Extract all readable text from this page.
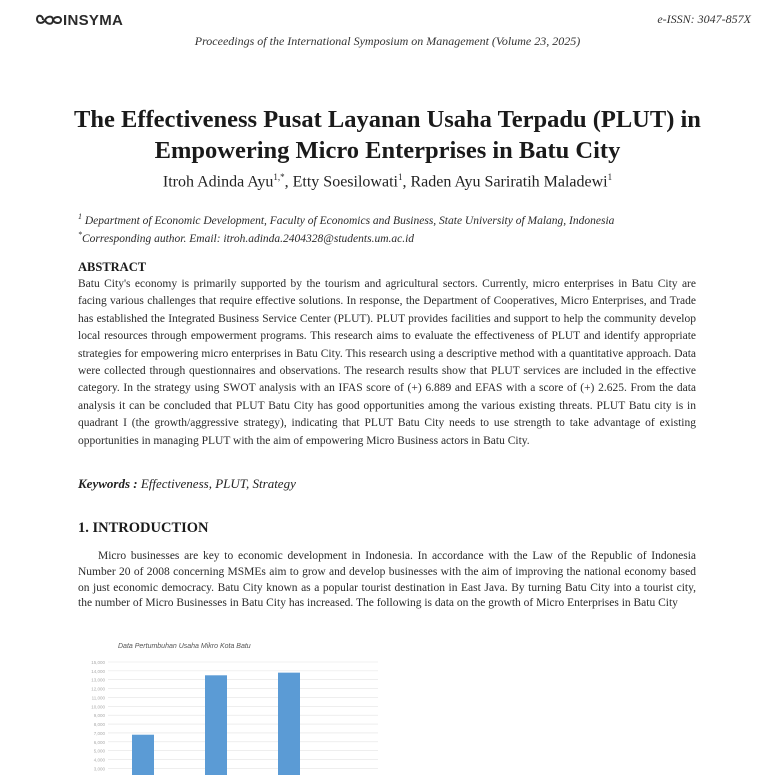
INSYMA	e-ISSN: 3047-857X
Proceedings of the International Symposium on Management (Volume 23, 2025)
The Effectiveness Pusat Layanan Usaha Terpadu (PLUT) in Empowering Micro Enterprises in Batu City
Itroh Adinda Ayu$^{1,*}$, Etty Soesilowati$^1$, Raden Ayu Sariratih Maladewi$^1$
$^1$ Department of Economic Development, Faculty of Economics and Business, State University of Malang, Indonesia
*Corresponding author. Email: itroh.adinda.2404328@students.um.ac.id
ABSTRACT

Batu City's economy is primarily supported by the tourism and agricultural sectors. Currently, micro enterprises in Batu City are facing various challenges that require effective solutions. In response, the Department of Cooperatives, Micro Enterprises, and Trade has established the Integrated Business Service Center (PLUT). PLUT provides facilities and support to help the community develop local resources through empowerment programs. This research aims to evaluate the effectiveness of PLUT and identify appropriate strategies for empowering micro enterprises in Batu City. This research using a descriptive method with a quantitative approach. Data were collected through questionnaires and observations. The research results show that PLUT services are included in the effective category. In the strategy using SWOT analysis with an IFAS score of (+) 6.889 and EFAS with a score of (+) 2.625. From the data analysis it can be concluded that PLUT Batu City has good opportunities among the various existing threats. PLUT Batu city is in quadrant I (the growth/aggressive strategy), indicating that PLUT Batu City needs to use strength to take advantage of existing opportunities in managing PLUT with the aim of empowering Micro Business actors in Batu City.

Keywords : Effectiveness, PLUT, Strategy
1. INTRODUCTION

Micro businesses are key to economic development in Indonesia. In accordance with the Law of the Republic of Indonesia Number 20 of 2008 concerning MSMEs aim to grow and develop businesses with the aim of improving the national economy based on just economic democracy. Batu City known as a popular tourist destination in East Java. By turning Batu City into a tourist city, the number of Micro Businesses in Batu City has increased. The following is data on the growth of Micro Enterprises in Batu City

Data Pertumbuhan Usaha Mikro Kota Batu
3,000
4,000
5,000
6,000
7,000
8,000
9,000
10,000
11,000
12,000
13,000
14,000
15,000
